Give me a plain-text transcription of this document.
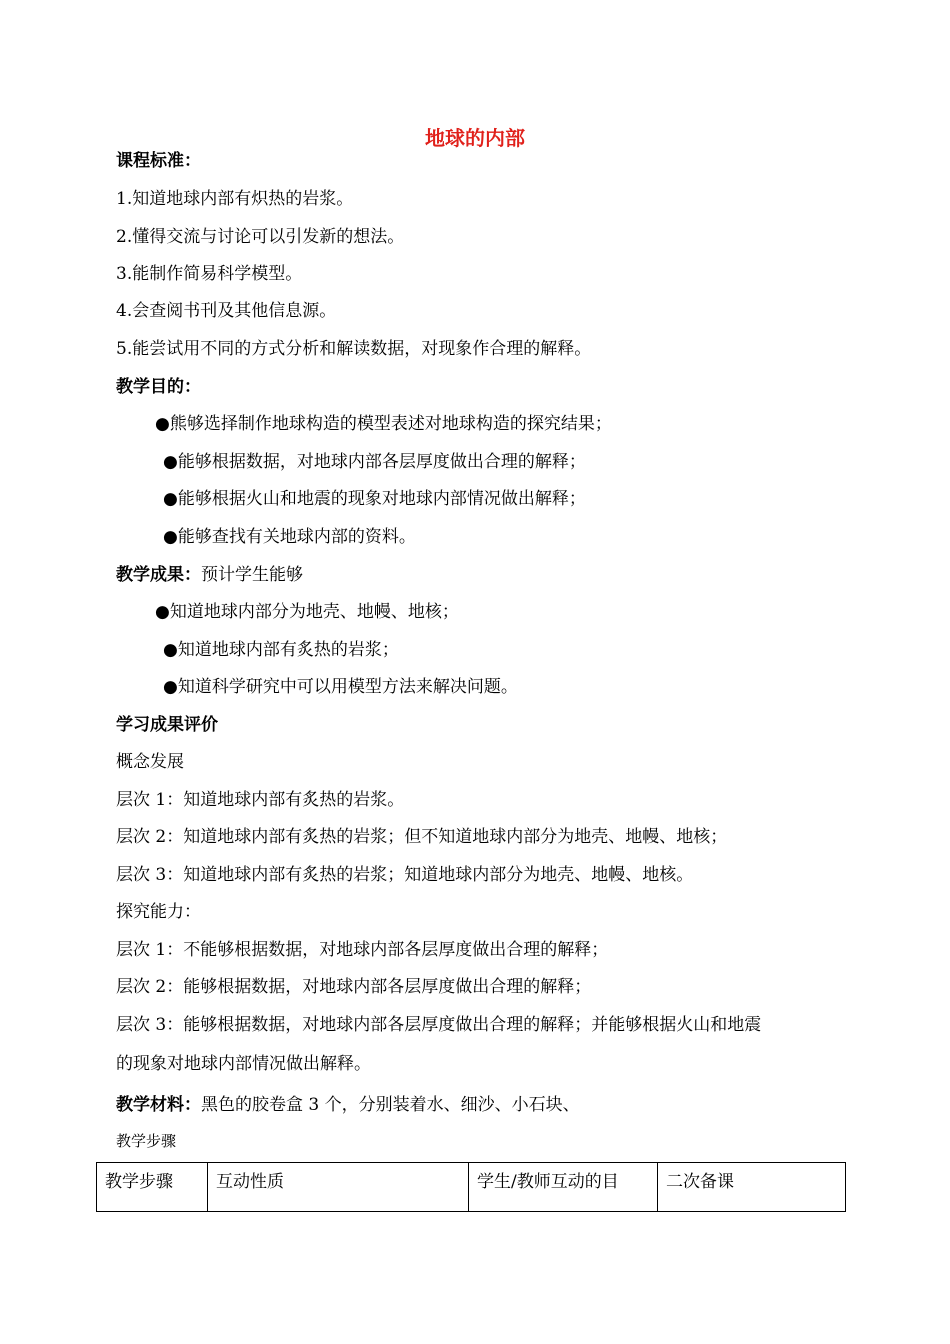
地球的内部
课程标准：
1.知道地球内部有炽热的岩浆。
2.懂得交流与讨论可以引发新的想法。
3.能制作简易科学模型。
4.会查阅书刊及其他信息源。
5.能尝试用不同的方式分析和解读数据，对现象作合理的解释。
教学目的：
●熊够选择制作地球构造的模型表述对地球构造的探究结果；
●能够根据数据，对地球内部各层厚度做出合理的解释；
●能够根据火山和地震的现象对地球内部情况做出解释；
●能够查找有关地球内部的资料。
教学成果：预计学生能够
●知道地球内部分为地壳、地幔、地核；
●知道地球内部有炙热的岩浆；
●知道科学研究中可以用模型方法来解决问题。
学习成果评价
概念发展
层次 1：知道地球内部有炙热的岩浆。
层次 2：知道地球内部有炙热的岩浆；但不知道地球内部分为地壳、地幔、地核；
层次 3：知道地球内部有炙热的岩浆；知道地球内部分为地壳、地幔、地核。
探究能力：
层次 1：不能够根据数据，对地球内部各层厚度做出合理的解释；
层次 2：能够根据数据，对地球内部各层厚度做出合理的解释；
层次 3：能够根据数据，对地球内部各层厚度做出合理的解释；并能够根据火山和地震
的现象对地球内部情况做出解释。
教学材料：黑色的胶卷盒 3 个，分别装着水、细沙、小石块、
教学步骤
教学步骤	互动性质	学生/教师互动的目	二次备课
